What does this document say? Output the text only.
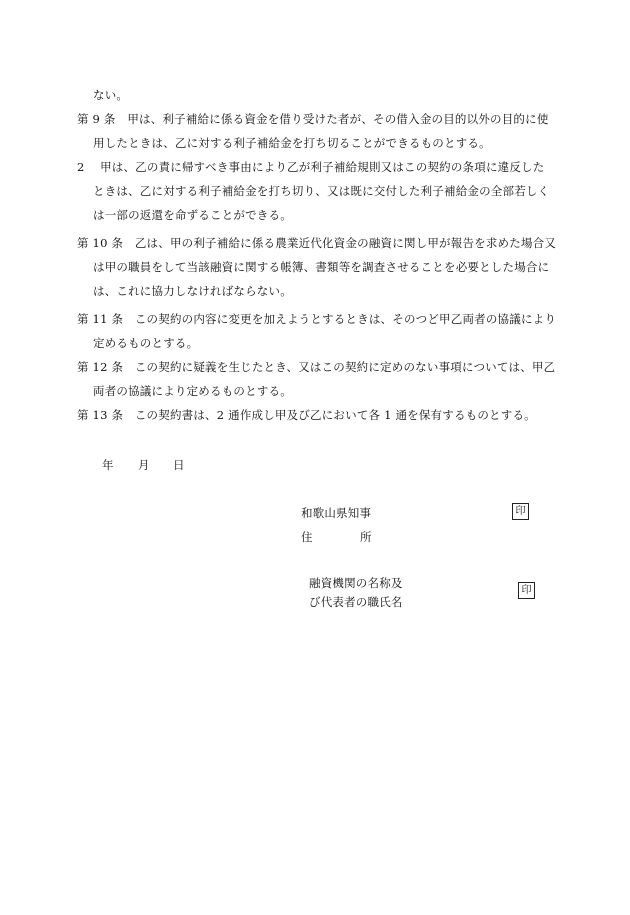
ない。
第 9 条　甲は、利子補給に係る資金を借り受けた者が、その借入金の目的以外の目的に使
用したときは、乙に対する利子補給金を打ち切ることができるものとする。
2　 甲は、乙の責に帰すべき事由により乙が利子補給規則又はこの契約の条項に違反した
ときは、乙に対する利子補給金を打ち切り、又は既に交付した利子補給金の全部若しく
は一部の返還を命ずることができる。
第 10 条　乙は、甲の利子補給に係る農業近代化資金の融資に関し甲が報告を求めた場合又
は甲の職員をして当該融資に関する帳簿、書類等を調査させることを必要とした場合に
は、これに協力しなければならない。
第 11 条　この契約の内容に変更を加えようとするときは、そのつど甲乙両者の協議により
定めるものとする。
第 12 条　この契約に疑義を生じたとき、又はこの契約に定めのない事項については、甲乙
両者の協議により定めるものとする。
第 13 条　この契約書は、2 通作成し甲及び乙において各 1 通を保有するものとする。
年 月 日
和歌山県知事	印
住	所
融資機関の名称及
び代表者の職氏名
印
